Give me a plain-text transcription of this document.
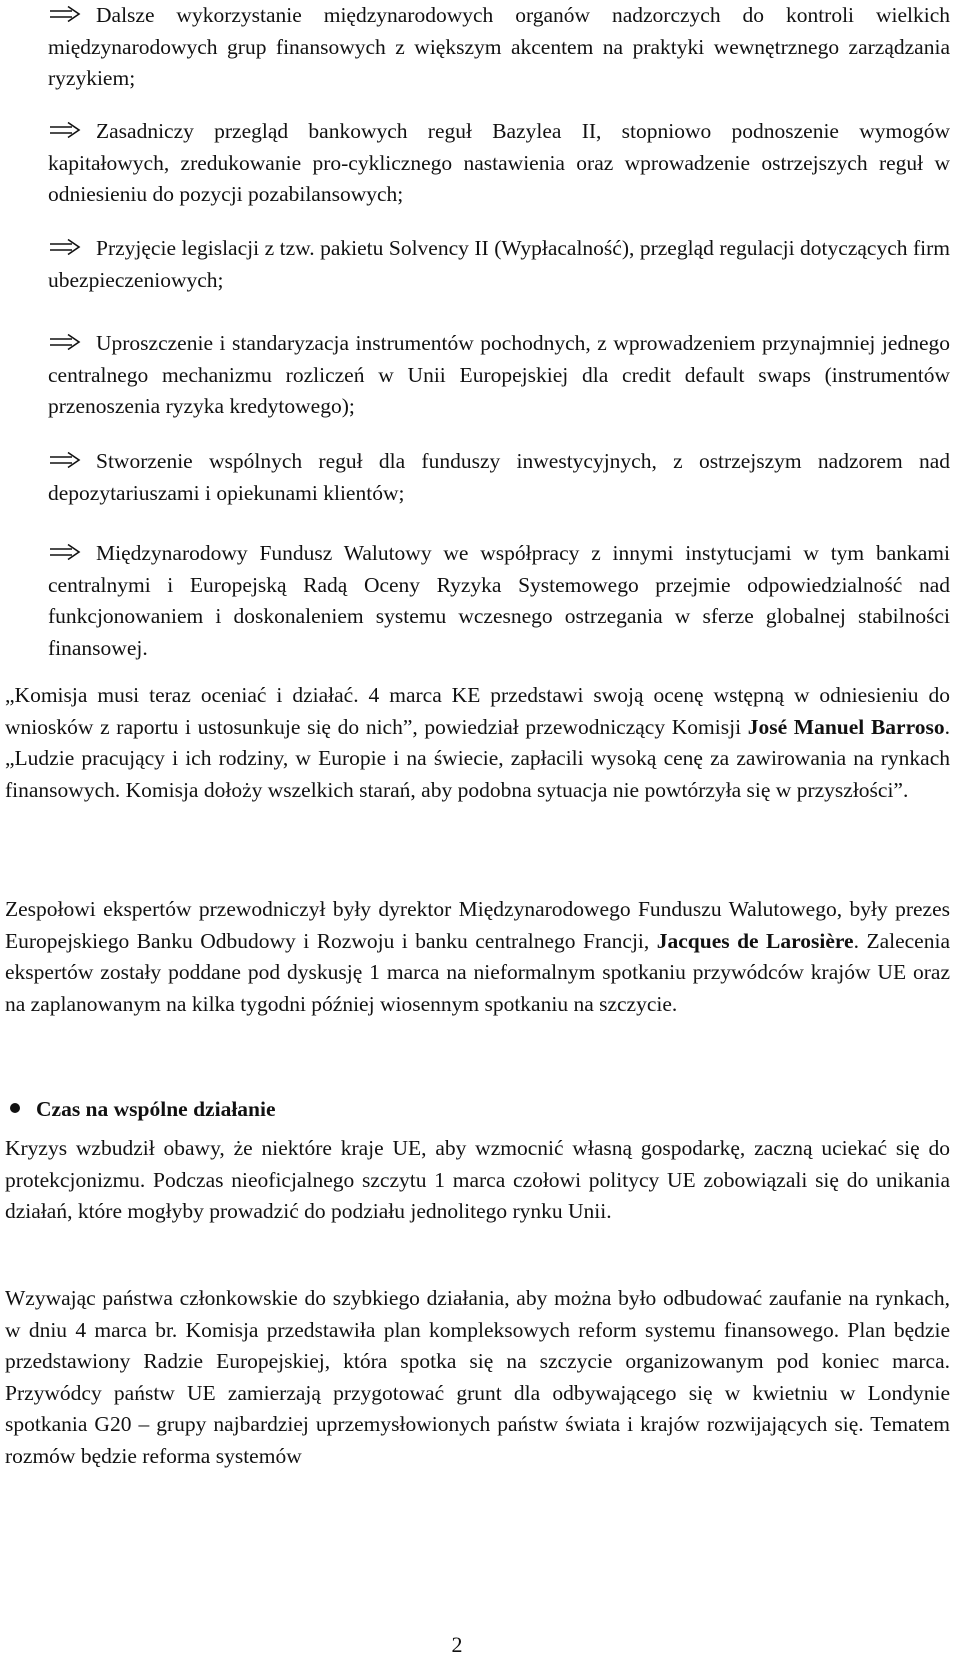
Dalsze wykorzystanie międzynarodowych organów nadzorczych do kontroli wielkich międzynarodowych grup finansowych z większym akcentem na praktyki wewnętrznego zarządzania ryzykiem;
Zasadniczy przegląd bankowych reguł Bazylea II, stopniowo podnoszenie wymogów kapitałowych, zredukowanie pro-cyklicznego nastawienia oraz wprowadzenie ostrzejszych reguł w odniesieniu do pozycji pozabilansowych;
Przyjęcie legislacji z tzw. pakietu Solvency II (Wypłacalność), przegląd regulacji dotyczących firm ubezpieczeniowych;
Uproszczenie i standaryzacja instrumentów pochodnych, z wprowadzeniem przynajmniej jednego centralnego mechanizmu rozliczeń w Unii Europejskiej dla credit default swaps (instrumentów przenoszenia ryzyka kredytowego);
Stworzenie wspólnych reguł dla funduszy inwestycyjnych, z ostrzejszym nadzorem nad depozytariuszami i opiekunami klientów;
Międzynarodowy Fundusz Walutowy we współpracy z innymi instytucjami w tym bankami centralnymi i Europejską Radą Oceny Ryzyka Systemowego przejmie odpowiedzialność nad funkcjonowaniem i doskonaleniem systemu wczesnego ostrzegania w sferze globalnej stabilności finansowej.
„Komisja musi teraz oceniać i działać. 4 marca KE przedstawi swoją ocenę wstępną w odniesieniu do wniosków z raportu i ustosunkuje się do nich”, powiedział przewodniczący Komisji José Manuel Barroso. „Ludzie pracujący i ich rodziny, w Europie i na świecie, zapłacili wysoką cenę za zawirowania na rynkach finansowych. Komisja dołoży wszelkich starań, aby podobna sytuacja nie powtórzyła się w przyszłości”.
Zespołowi ekspertów przewodniczył były dyrektor Międzynarodowego Funduszu Walutowego, były prezes Europejskiego Banku Odbudowy i Rozwoju i banku centralnego Francji, Jacques de Larosière. Zalecenia ekspertów zostały poddane pod dyskusję 1 marca na nieformalnym spotkaniu przywódców krajów UE oraz na zaplanowanym na kilka tygodni później wiosennym spotkaniu na szczycie.
Czas na wspólne działanie
Kryzys wzbudził obawy, że niektóre kraje UE, aby wzmocnić własną gospodarkę, zaczną uciekać się do protekcjonizmu. Podczas nieoficjalnego szczytu 1 marca czołowi politycy UE zobowiązali się do unikania działań, które mogłyby prowadzić do podziału jednolitego rynku Unii.
Wzywając państwa członkowskie do szybkiego działania, aby można było odbudować zaufanie na rynkach, w dniu 4 marca br. Komisja przedstawiła plan kompleksowych reform systemu finansowego. Plan będzie przedstawiony Radzie Europejskiej, która spotka się na szczycie organizowanym pod koniec marca. Przywódcy państw UE zamierzają przygotować grunt dla odbywającego się w kwietniu w Londynie spotkania G20 – grupy najbardziej uprzemysłowionych państw świata i krajów rozwijających się. Tematem rozmów będzie reforma systemów
2
